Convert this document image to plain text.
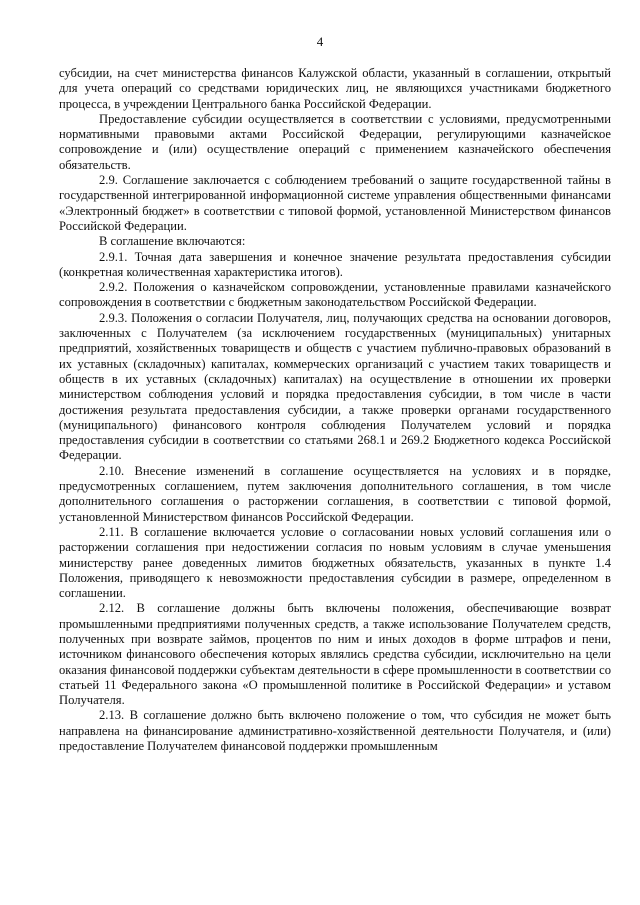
4

субсидии, на счет министерства финансов Калужской области, указанный в соглашении, открытый для учета операций со средствами юридических лиц, не являющихся участниками бюджетного процесса, в учреждении Центрального банка Российской Федерации.

Предоставление субсидии осуществляется в соответствии с условиями, предусмотренными нормативными правовыми актами Российской Федерации, регулирующими казначейское сопровождение и (или) осуществление операций с применением казначейского обеспечения обязательств.

2.9. Соглашение заключается с соблюдением требований о защите государственной тайны в государственной интегрированной информационной системе управления общественными финансами «Электронный бюджет» в соответствии с типовой формой, установленной Министерством финансов Российской Федерации.

В соглашение включаются:

2.9.1. Точная дата завершения и конечное значение результата предоставления субсидии (конкретная количественная характеристика итогов).

2.9.2. Положения о казначейском сопровождении, установленные правилами казначейского сопровождения в соответствии с бюджетным законодательством Российской Федерации.

2.9.3. Положения о согласии Получателя, лиц, получающих средства на основании договоров, заключенных с Получателем (за исключением государственных (муниципальных) унитарных предприятий, хозяйственных товариществ и обществ с участием публично-правовых образований в их уставных (складочных) капиталах, коммерческих организаций с участием таких товариществ и обществ в их уставных (складочных) капиталах) на осуществление в отношении их проверки министерством соблюдения условий и порядка предоставления субсидии, в том числе в части достижения результата предоставления субсидии, а также проверки органами государственного (муниципального) финансового контроля соблюдения Получателем условий и порядка предоставления субсидии в соответствии со статьями 268.1 и 269.2 Бюджетного кодекса Российской Федерации.

2.10. Внесение изменений в соглашение осуществляется на условиях и в порядке, предусмотренных соглашением, путем заключения дополнительного соглашения, в том числе дополнительного соглашения о расторжении соглашения, в соответствии с типовой формой, установленной Министерством финансов Российской Федерации.

2.11. В соглашение включается условие о согласовании новых условий соглашения или о расторжении соглашения при недостижении согласия по новым условиям в случае уменьшения министерству ранее доведенных лимитов бюджетных обязательств, указанных в пункте 1.4 Положения, приводящего к невозможности предоставления субсидии в размере, определенном в соглашении.

2.12. В соглашение должны быть включены положения, обеспечивающие возврат промышленными предприятиями полученных средств, а также использование Получателем средств, полученных при возврате займов, процентов по ним и иных доходов в форме штрафов и пени, источником финансового обеспечения которых являлись средства субсидии, исключительно на цели оказания финансовой поддержки субъектам деятельности в сфере промышленности в соответствии со статьей 11 Федерального закона «О промышленной политике в Российской Федерации» и уставом Получателя.

2.13. В соглашение должно быть включено положение о том, что субсидия не может быть направлена на финансирование административно-хозяйственной деятельности Получателя, и (или) предоставление Получателем финансовой поддержки промышленным
